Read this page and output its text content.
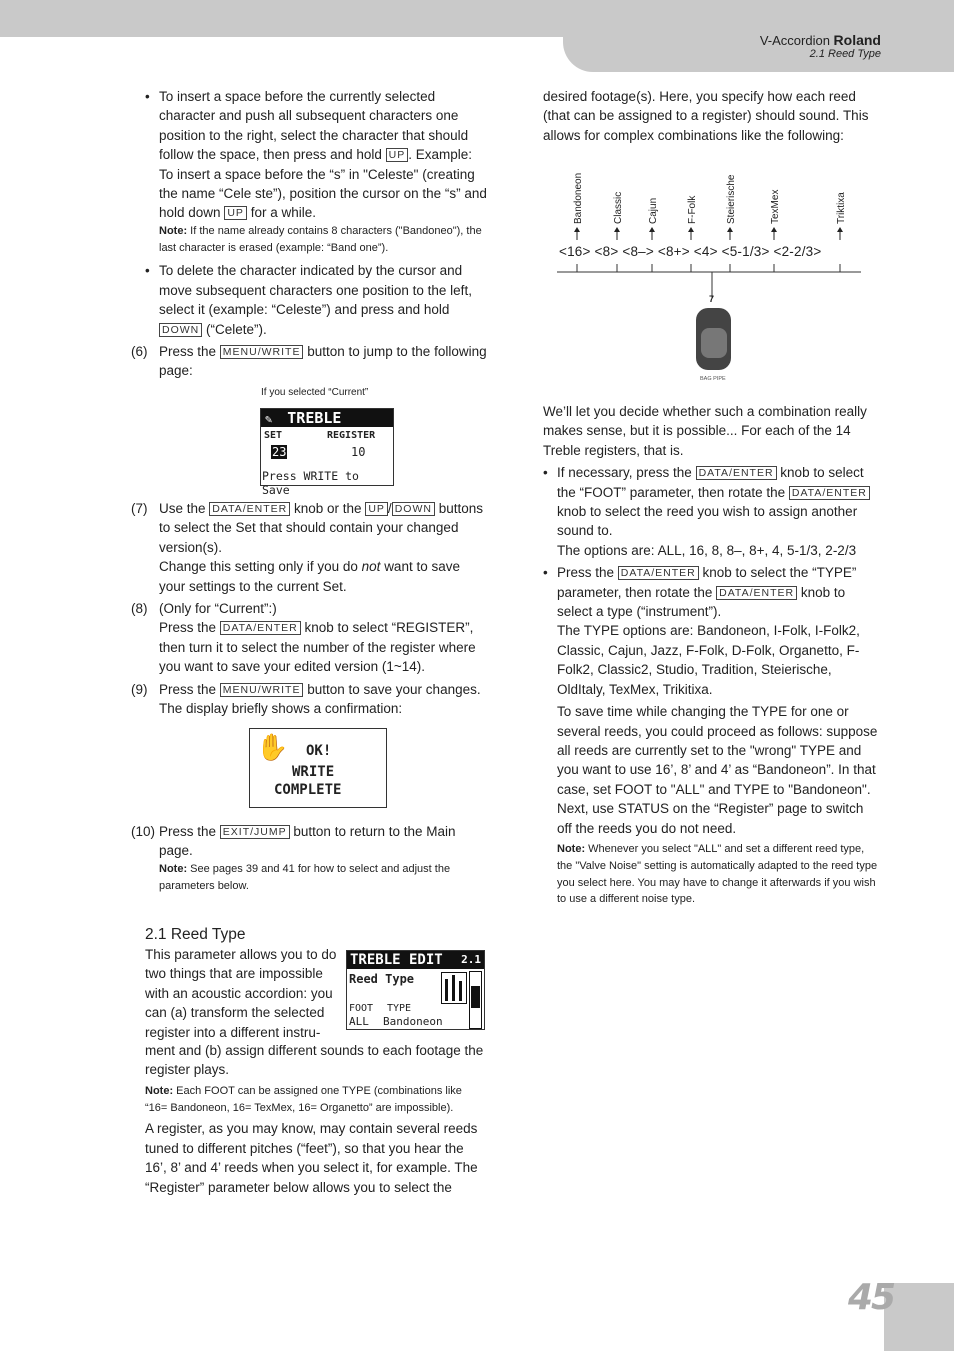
V-Accordion Roland
2.1 Reed Type
• To insert a space before the currently selected character and push all subsequent characters one position to the right, select the character that should follow the space, then press and hold UP . Example: To insert a space before the “s” in "Celeste" (creating the name “Cele ste”), position the cursor on the “s” and hold down UP for a while.
Note: If the name already contains 8 characters ("Bandoneo"), the last character is erased (example: “Band one”).
• To delete the character indicated by the cursor and move subsequent characters one position to the left, select it (example: “Celeste”) and press and hold DOWN (“Celete”).
(6) Press the MENU/WRITE button to jump to the following page:
If you selected “Current”
✎ TREBLE
SET	REGISTER
23	10
Press WRITE to Save
(7) Use the DATA/ENTER knob or the UP / DOWN buttons to select the Set that should contain your changed version(s).
Change this setting only if you do not want to save your settings to the current Set.
(8) (Only for “Current”:)
Press the DATA/ENTER knob to select “REGISTER”, then turn it to select the number of the register where you want to save your edited version (1~14).
(9) Press the MENU/WRITE button to save your changes. The display briefly shows a confirmation:
✋ OK!
WRITE
COMPLETE
(10) Press the EXIT/JUMP button to return to the Main page.
Note: See pages 39 and 41 for how to select and adjust the parameters below.
2.1 Reed Type
This parameter allows you to do two things that are impossible with an acoustic accordion: you can (a) transform the selected register into a different instru-
TREBLE EDIT 2.1
Reed Type
FOOT TYPE
ALL Bandoneon
ment and (b) assign different sounds to each footage the register plays.
Note: Each FOOT can be assigned one TYPE (combinations like “16= Bandoneon, 16= TexMex, 16= Organetto” are impossible).
A register, as you may know, may contain several reeds tuned to different pitches (“feet”), so that you hear the 16’, 8’ and 4’ reeds when you select it, for example. The “Register” parameter below allows you to select the
desired footage(s). Here, you specify how each reed (that can be assigned to a register) should sound. This allows for complex combinations like the following:
Bandoneon	Classic Cajun	F-Folk	Steierische	TexMex	Triktixa
<16> <8> <8–> <8+> <4> <5-1/3> <2-2/3>
7
BAG PIPE
We’ll let you decide whether such a combination really makes sense, but it is possible... For each of the 14 Treble registers, that is.
• If necessary, press the DATA/ENTER knob to select the “FOOT” parameter, then rotate the DATA/ENTER knob to select the reed you wish to assign another sound to.
The options are: ALL, 16, 8, 8–, 8+, 4, 5-1/3, 2-2/3
• Press the DATA/ENTER knob to select the “TYPE” parameter, then rotate the DATA/ENTER knob to select a type (“instrument”).
The TYPE options are: Bandoneon, I-Folk, I-Folk2, Classic, Cajun, Jazz, F-Folk, D-Folk, Organetto, F-Folk2, Classic2, Studio, Tradition, Steierische, OldItaly, TexMex, Trikitixa.
To save time while changing the TYPE for one or several reeds, you could proceed as follows: suppose all reeds are currently set to the "wrong" TYPE and you want to use 16’, 8’ and 4’ as “Bandoneon”. In that case, set FOOT to "ALL" and TYPE to "Bandoneon". Next, use STATUS on the “Register” page to switch off the reeds you do not need.
Note: Whenever you select "ALL" and set a different reed type, the "Valve Noise" setting is automatically adapted to the reed type you select here. You may have to change it afterwards if you wish to use a different noise type.
45
